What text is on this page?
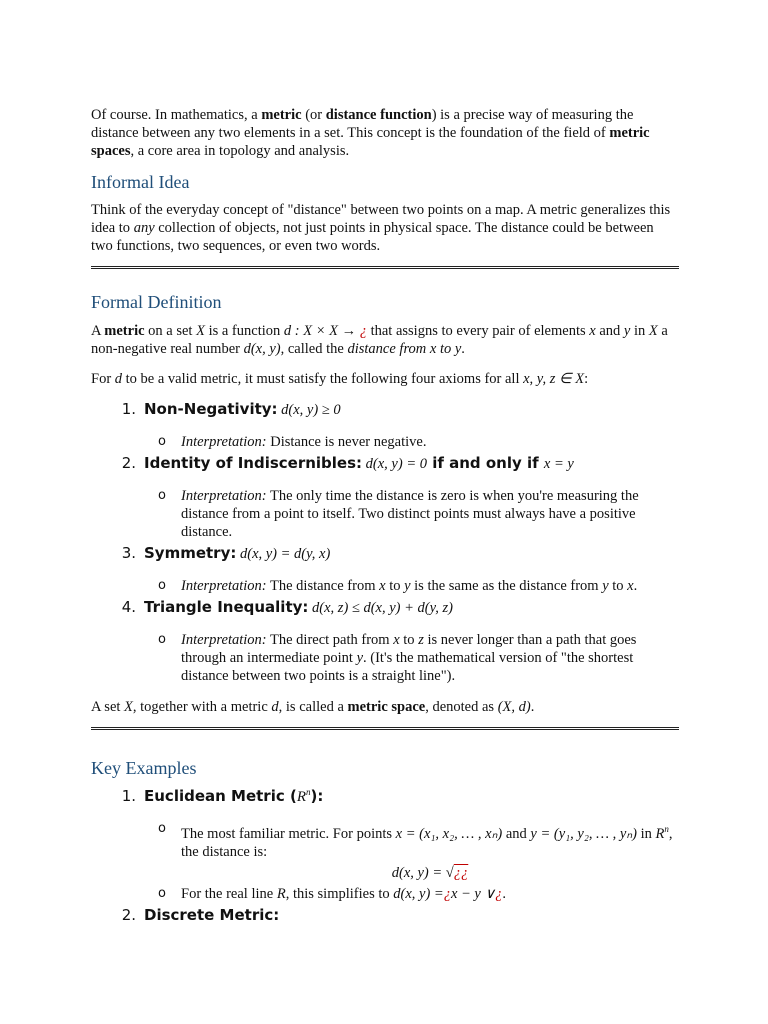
Of course. In mathematics, a metric (or distance function) is a precise way of measuring the distance between any two elements in a set. This concept is the foundation of the field of metric spaces, a core area in topology and analysis.

Informal Idea

Think of the everyday concept of "distance" between two points on a map. A metric generalizes this idea to any collection of objects, not just points in physical space. The distance could be between two functions, two sequences, or even two words.

Formal Definition

A metric on a set X is a function d : X × X → ¿ that assigns to every pair of elements x and y in X a non-negative real number d(x, y), called the distance from x to y.

For d to be a valid metric, it must satisfy the following four axioms for all x, y, z ∈ X:

1. Non-Negativity:
d(x, y) ≥ 0
o	Interpretation: Distance is never negative.
2. Identity of Indiscernibles:
d(x, y) = 0 if and only if x = y
o	Interpretation: The only time the distance is zero is when you're measuring the distance from a point to itself. Two distinct points must always have a positive distance.
3. Symmetry:
d(x, y) = d(y, x)
o	Interpretation: The distance from x to y is the same as the distance from y to x.
4. Triangle Inequality:
d(x, z) ≤ d(x, y) + d(y, z)
o	Interpretation: The direct path from x to z is never longer than a path that goes through an intermediate point y. (It's the mathematical version of "the shortest distance between two points is a straight line").

A set X, together with a metric d, is called a metric space, denoted as (X, d).

Key Examples
1. Euclidean Metric $(R^n)$:
o	The most familiar metric. For points x = (x₁, x₂, … , xₙ) and y = (y₁, y₂, … , yₙ) in $R^n$, the distance is:
d(x, y) = √¿¿
o	For the real line R, this simplifies to d(x, y) =¿x − y ∨¿.
2. Discrete Metric:
